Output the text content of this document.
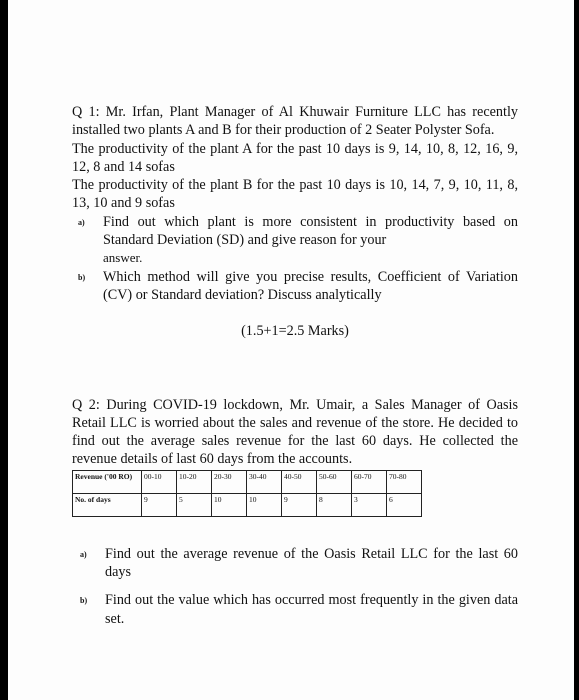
Q 1: Mr. Irfan, Plant Manager of Al Khuwair Furniture LLC has recently installed two plants A and B for their production of 2 Seater Polyster Sofa.

The productivity of the plant A for the past 10 days is 9, 14, 10, 8, 12, 16, 9, 12, 8 and 14 sofas

The productivity of the plant B for the past 10 days is 10, 14, 7, 9, 10, 11, 8, 13, 10 and 9 sofas

a)	Find out which plant is more consistent in productivity based on Standard Deviation (SD) and give reason for your
answer.
b)	Which method will give you precise results, Coefficient of Variation (CV) or Standard deviation? Discuss analytically

(1.5+1=2.5 Marks)

Q 2: During COVID-19 lockdown, Mr. Umair, a Sales Manager of Oasis Retail LLC is worried about the sales and revenue of the store. He decided to find out the average sales revenue for the last 60 days. He collected the revenue details of last 60 days from the accounts.

Revenue ('00 RO)	00-10	10-20	20-30	30-40	40-50	50-60	60-70	70-80
No. of days	9	5	10	10	9	8	3	6
a)	Find out the average revenue of the Oasis Retail LLC for the last 60 days
b)	Find out the value which has occurred most frequently in the given data set.
